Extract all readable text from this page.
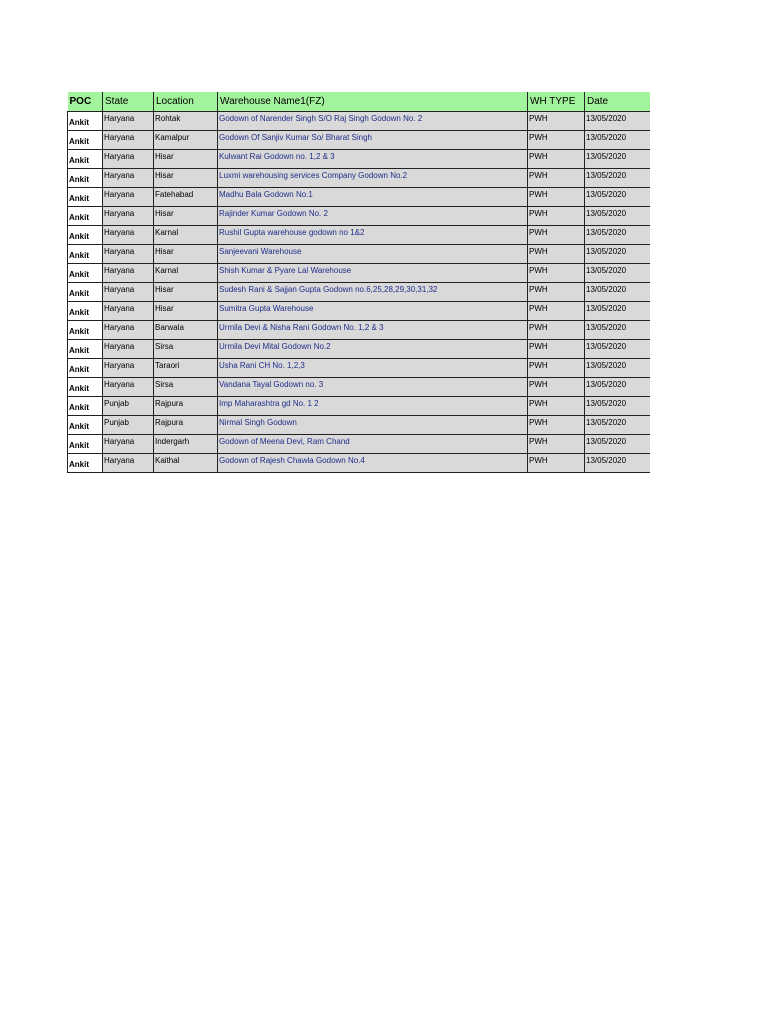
POC	State	Location	Warehouse Name1(FZ)	WH TYPE	Date
Ankit	Haryana	Rohtak	Godown of Narender Singh S/O Raj Singh Godown No. 2	PWH	13/05/2020
Ankit	Haryana	Kamalpur	Godown Of Sanjiv Kumar So/ Bharat Singh	PWH	13/05/2020
Ankit	Haryana	Hisar	Kulwant Rai Godown no. 1,2 & 3	PWH	13/05/2020
Ankit	Haryana	Hisar	Luxmi warehousing services Company Godown No.2	PWH	13/05/2020
Ankit	Haryana	Fatehabad	Madhu Bala Godown No.1	PWH	13/05/2020
Ankit	Haryana	Hisar	Rajinder Kumar Godown No. 2	PWH	13/05/2020
Ankit	Haryana	Karnal	Rushil Gupta warehouse godown no 1&2	PWH	13/05/2020
Ankit	Haryana	Hisar	Sanjeevani Warehouse	PWH	13/05/2020
Ankit	Haryana	Karnal	Shish Kumar & Pyare Lal Warehouse	PWH	13/05/2020
Ankit	Haryana	Hisar	Sudesh Rani & Sajjan Gupta Godown no.6,25,28,29,30,31,32	PWH	13/05/2020
Ankit	Haryana	Hisar	Sumitra Gupta Warehouse	PWH	13/05/2020
Ankit	Haryana	Barwala	Urmila Devi & Nisha Rani Godown No. 1,2 & 3	PWH	13/05/2020
Ankit	Haryana	Sirsa	Urmila Devi Mital Godown No.2	PWH	13/05/2020
Ankit	Haryana	Taraori	Usha Rani CH No. 1,2,3	PWH	13/05/2020
Ankit	Haryana	Sirsa	Vandana Tayal Godown no. 3	PWH	13/05/2020
Ankit	Punjab	Rajpura	Imp Maharashtra gd No. 1 2	PWH	13/05/2020
Ankit	Punjab	Rajpura	Nirmal Singh Godown	PWH	13/05/2020
Ankit	Haryana	Indergarh	Godown of Meena Devi, Ram Chand	PWH	13/05/2020
Ankit	Haryana	Kaithal	Godown of Rajesh Chawla Godown No.4	PWH	13/05/2020
